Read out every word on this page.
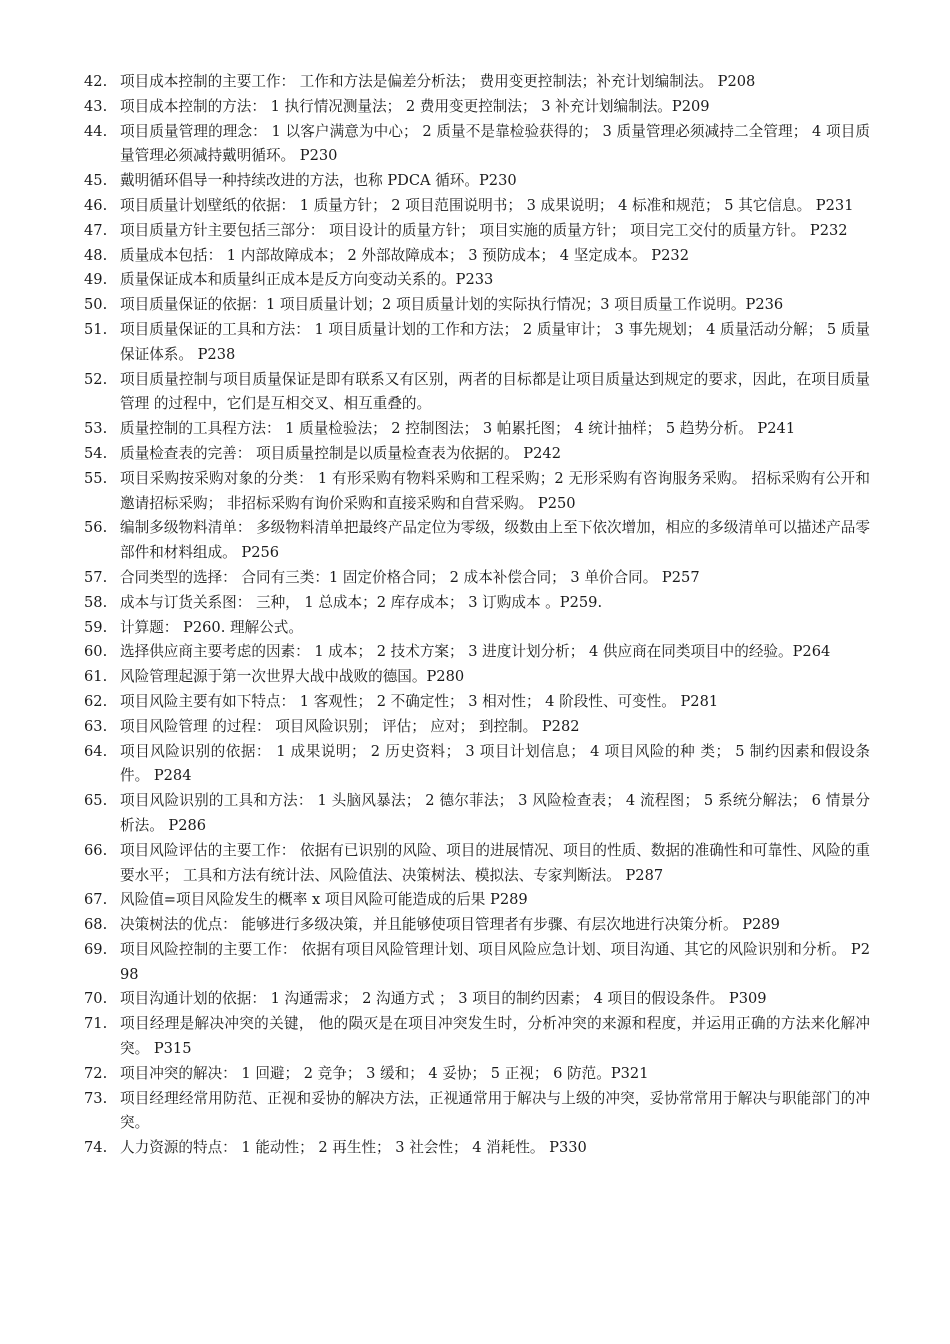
42. 项目成本控制的主要工作： 工作和方法是偏差分析法； 费用变更控制法；补充计划编制法。 P208
43. 项目成本控制的方法： 1 执行情况测量法； 2 费用变更控制法； 3 补充计划编制法。P209
44. 项目质量管理的理念： 1 以客户满意为中心； 2 质量不是靠检验获得的； 3 质量管理必须减持二全管理； 4 项目质量管理必须减持戴明循环。 P230
45. 戴明循环倡导一种持续改进的方法，也称 PDCA 循环。P230
46. 项目质量计划壁纸的依据： 1 质量方针； 2 项目范围说明书； 3 成果说明； 4 标准和规范； 5 其它信息。 P231
47. 项目质量方针主要包括三部分： 项目设计的质量方针； 项目实施的质量方针； 项目完工交付的质量方针。 P232
48. 质量成本包括： 1 内部故障成本； 2 外部故障成本； 3 预防成本； 4 坚定成本。 P232
49. 质量保证成本和质量纠正成本是反方向变动关系的。P233
50. 项目质量保证的依据：1 项目质量计划；2 项目质量计划的实际执行情况；3 项目质量工作说明。P236
51. 项目质量保证的工具和方法： 1 项目质量计划的工作和方法； 2 质量审计； 3 事先规划； 4 质量活动分解； 5 质量保证体系。 P238
52. 项目质量控制与项目质量保证是即有联系又有区别，两者的目标都是让项目质量达到规定的要求，因此，在项目质量管理 的过程中，它们是互相交叉、相互重叠的。
53. 质量控制的工具程方法： 1 质量检验法； 2 控制图法； 3 帕累托图； 4 统计抽样； 5 趋势分析。 P241
54. 质量检查表的完善： 项目质量控制是以质量检查表为依据的。 P242
55. 项目采购按采购对象的分类： 1 有形采购有物料采购和工程采购；2 无形采购有咨询服务采购。 招标采购有公开和邀请招标采购； 非招标采购有询价采购和直接采购和自营采购。 P250
56. 编制多级物料清单： 多级物料清单把最终产品定位为零级，级数由上至下依次增加，相应的多级清单可以描述产品零部件和材料组成。 P256
57. 合同类型的选择： 合同有三类：1 固定价格合同； 2 成本补偿合同； 3 单价合同。 P257
58. 成本与订货关系图： 三种， 1 总成本；2 库存成本； 3 订购成本 。P259.
59. 计算题： P260. 理解公式。
60. 选择供应商主要考虑的因素： 1 成本； 2 技术方案； 3 进度计划分析； 4 供应商在同类项目中的经验。P264
61. 风险管理起源于第一次世界大战中战败的德国。P280
62. 项目风险主要有如下特点： 1 客观性； 2 不确定性； 3 相对性； 4 阶段性、可变性。 P281
63. 项目风险管理 的过程： 项目风险识别； 评估； 应对； 到控制。 P282
64. 项目风险识别的依据： 1 成果说明； 2 历史资料； 3 项目计划信息； 4 项目风险的种 类； 5 制约因素和假设条件。 P284
65. 项目风险识别的工具和方法： 1 头脑风暴法； 2 德尔菲法； 3 风险检查表； 4 流程图； 5 系统分解法； 6 情景分析法。 P286
66. 项目风险评估的主要工作： 依据有已识别的风险、项目的进展情况、项目的性质、数据的准确性和可靠性、风险的重要水平； 工具和方法有统计法、风险值法、决策树法、模拟法、专家判断法。 P287
67. 风险值=项目风险发生的概率 x 项目风险可能造成的后果 P289
68. 决策树法的优点： 能够进行多级决策，并且能够使项目管理者有步骤、有层次地进行决策分析。 P289
69. 项目风险控制的主要工作： 依据有项目风险管理计划、项目风险应急计划、项目沟通、其它的风险识别和分析。 P298
70. 项目沟通计划的依据： 1 沟通需求； 2 沟通方式 ； 3 项目的制约因素； 4 项目的假设条件。 P309
71. 项目经理是解决冲突的关键， 他的陨灭是在项目冲突发生时，分析冲突的来源和程度，并运用正确的方法来化解冲突。 P315
72. 项目冲突的解决： 1 回避； 2 竞争； 3 缓和； 4 妥协； 5 正视； 6 防范。P321
73. 项目经理经常用防范、正视和妥协的解决方法，正视通常用于解决与上级的冲突，妥协常常用于解决与职能部门的冲突。
74. 人力资源的特点： 1 能动性； 2 再生性； 3 社会性； 4 消耗性。 P330
